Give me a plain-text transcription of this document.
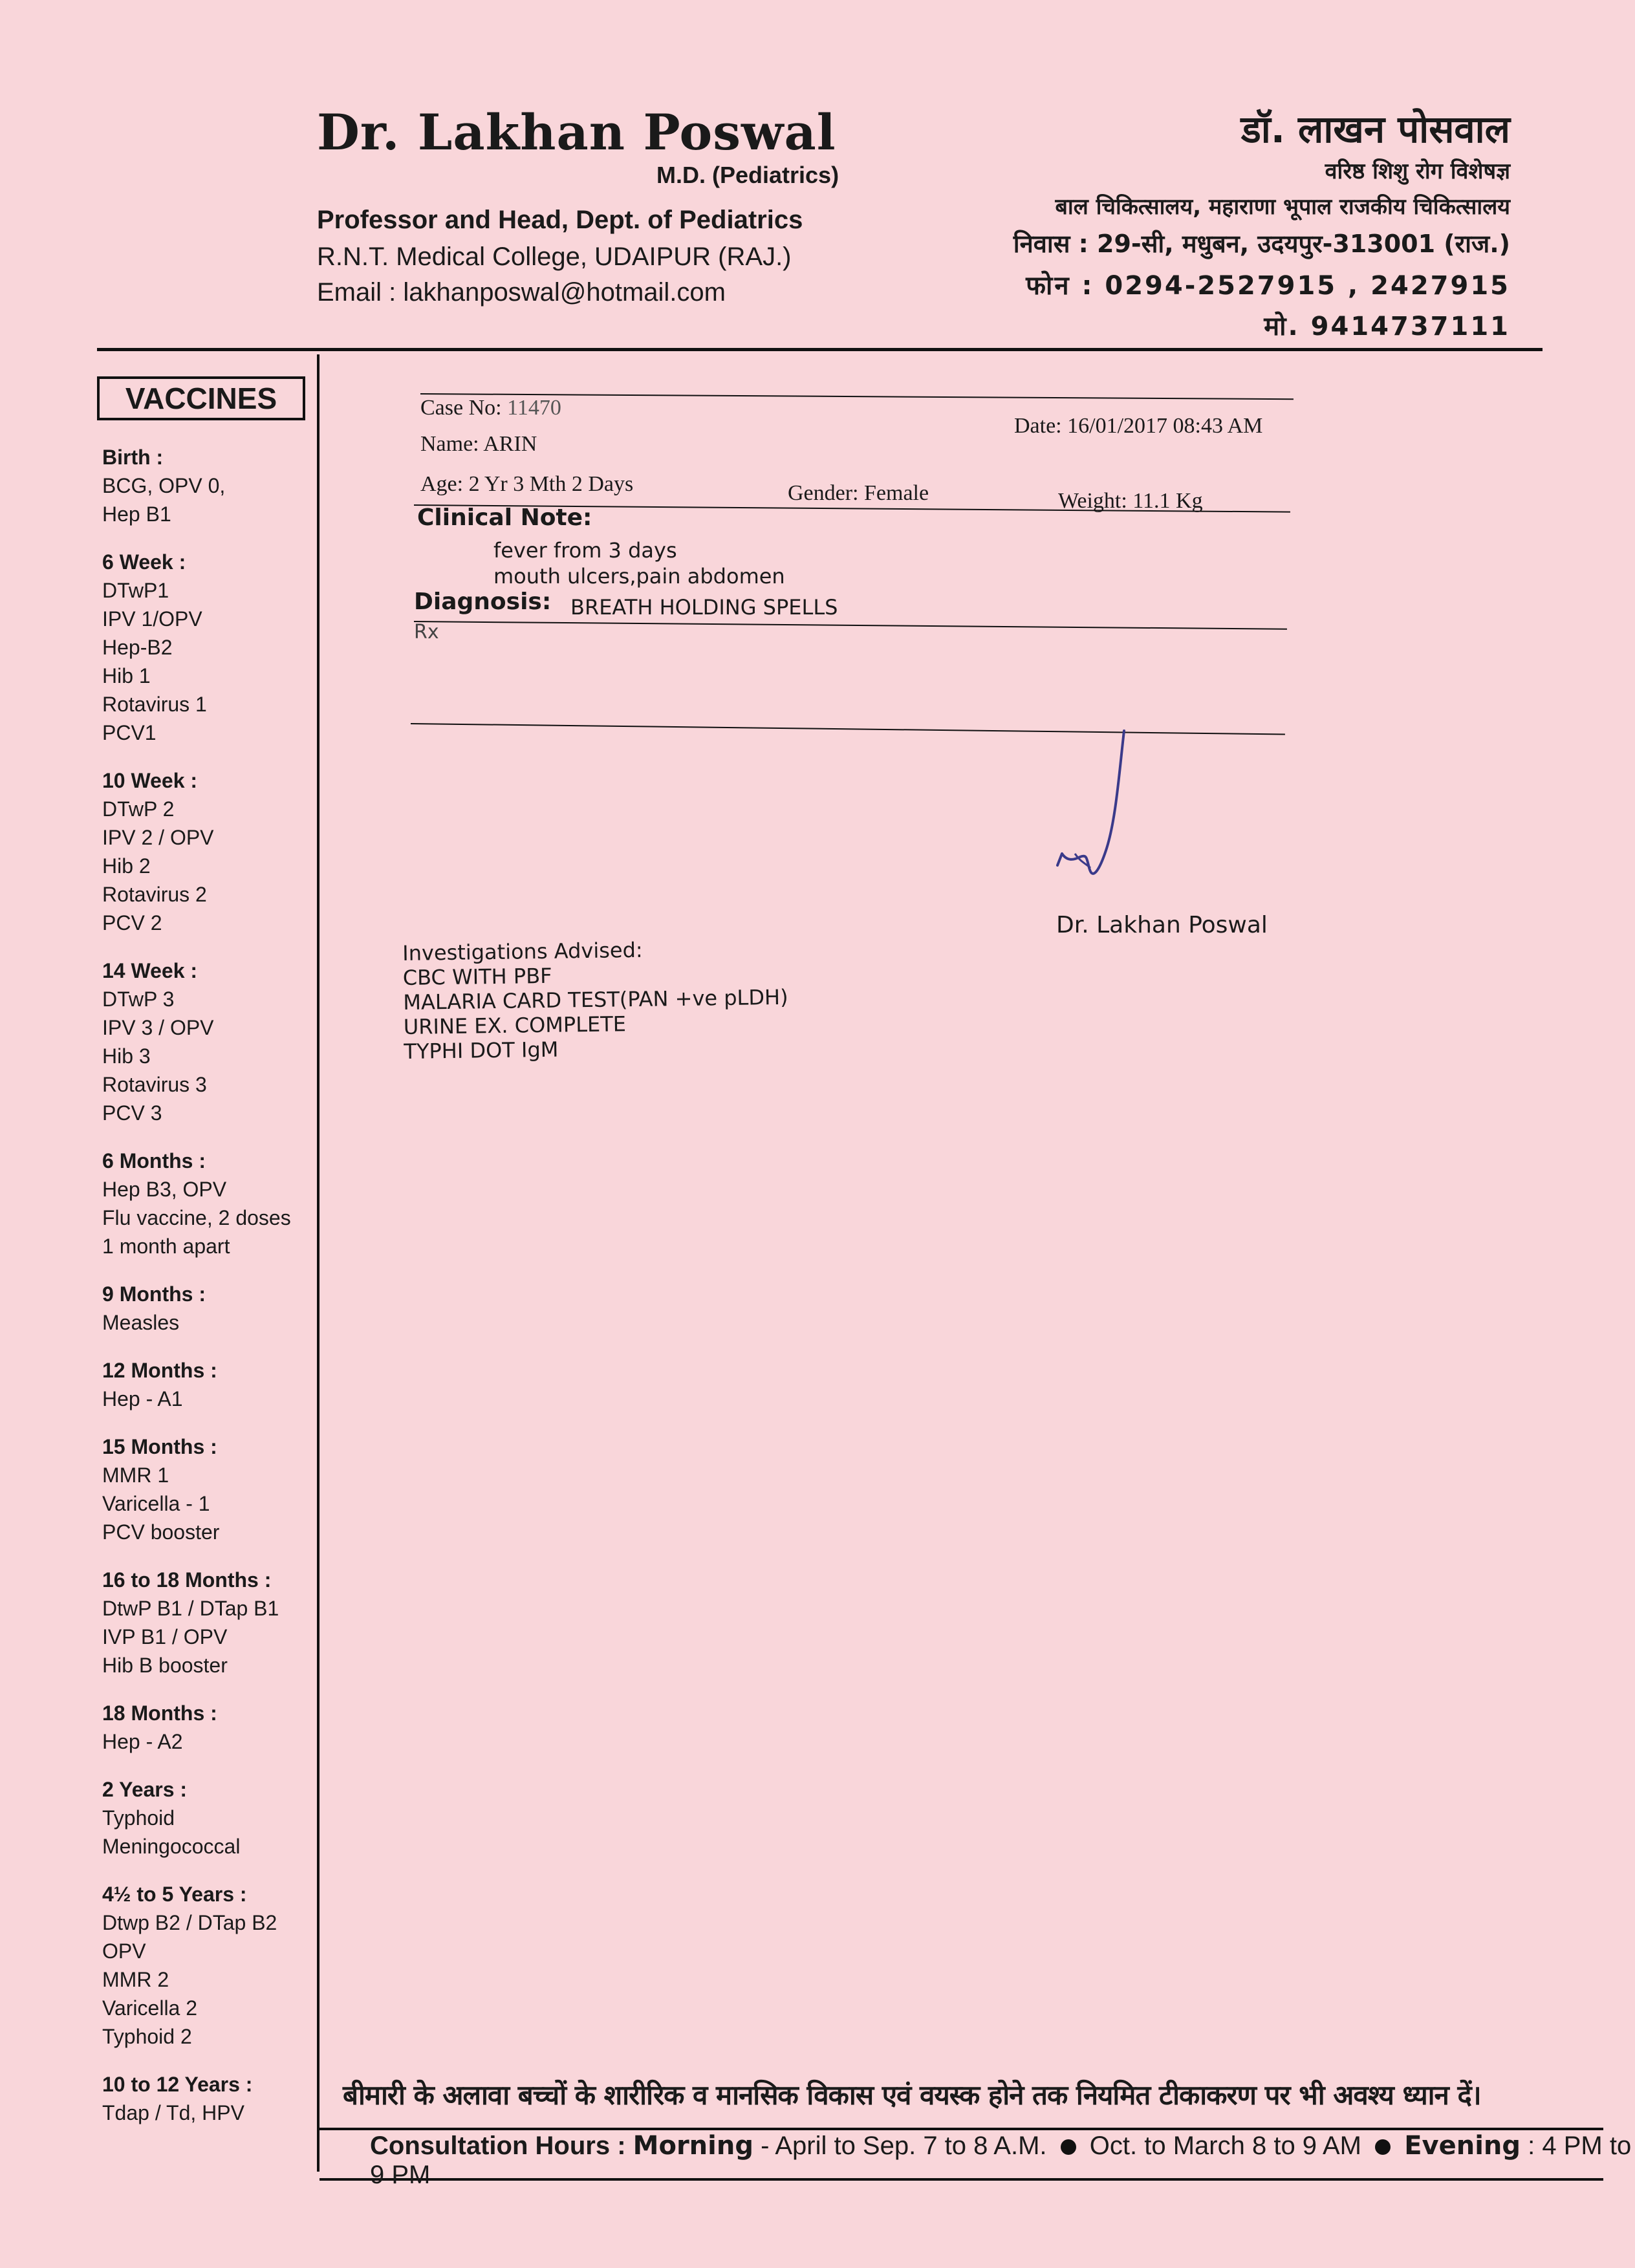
Dr. Lakhan Poswal
M.D. (Pediatrics)
Professor and Head, Dept. of Pediatrics
R.N.T. Medical College, UDAIPUR (RAJ.)
Email : lakhanposwal@hotmail.com
डॉ. लाखन पोसवाल
वरिष्ठ शिशु रोग विशेषज्ञ
बाल चिकित्सालय, महाराणा भूपाल राजकीय चिकित्सालय
निवास : 29-सी, मधुबन, उदयपुर-313001 (राज.)
फोन : 0294-2527915 , 2427915
मो. 9414737111
VACCINES
Birth :
BCG, OPV 0,
Hep B1
6 Week :
DTwP1
IPV 1/OPV
Hep-B2
Hib 1
Rotavirus 1
PCV1
10 Week :
DTwP 2
IPV 2 / OPV
Hib 2
Rotavirus 2
PCV 2
14 Week :
DTwP 3
IPV 3 / OPV
Hib 3
Rotavirus 3
PCV 3
6 Months :
Hep B3, OPV
Flu vaccine, 2 doses
1 month apart
9 Months :
Measles
12 Months :
Hep - A1
15 Months :
MMR 1
Varicella - 1
PCV booster
16 to 18 Months :
DtwP B1 / DTap B1
IVP B1 / OPV
Hib B booster
18 Months :
Hep - A2
2 Years :
Typhoid
Meningococcal
4½ to 5 Years :
Dtwp B2 / DTap B2
OPV
MMR 2
Varicella 2
Typhoid 2
10 to 12 Years :
Tdap / Td, HPV
Case No: 11470
Date: 16/01/2017 08:43 AM
Name: ARIN
Age: 2 Yr 3 Mth 2 Days	Gender: Female	Weight: 11.1 Kg
Clinical Note:
fever from 3 days
mouth ulcers,pain abdomen
Diagnosis: BREATH HOLDING SPELLS
Rx
Dr. Lakhan Poswal
Investigations Advised:
CBC WITH PBF
MALARIA CARD TEST(PAN +ve pLDH)
URINE EX. COMPLETE
TYPHI DOT IgM
बीमारी के अलावा बच्चों के शारीरिक व मानसिक विकास एवं वयस्क होने तक नियमित टीकाकरण पर भी अवश्य ध्यान दें।
Consultation Hours : Morning - April to Sep. 7 to 8 A.M. Oct. to March 8 to 9 AM Evening : 4 PM to 9 PM
